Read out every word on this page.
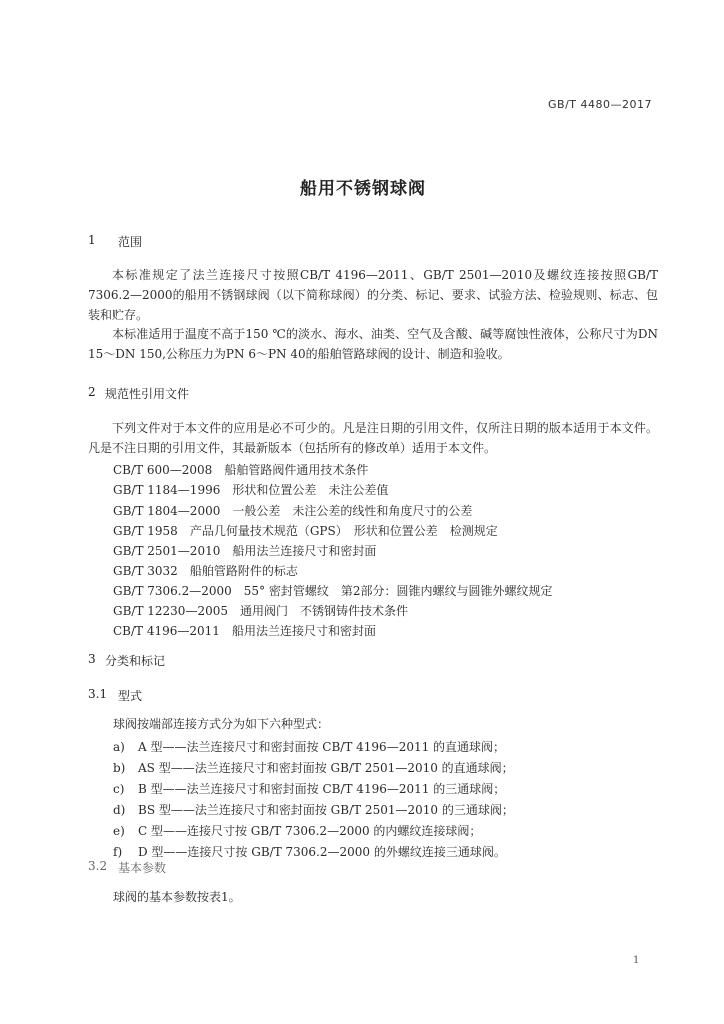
GB/T 4480—2017
船用不锈钢球阀
1 范围
本标准规定了法兰连接尺寸按照CB/T 4196—2011、GB/T 2501—2010及螺纹连接按照GB/T 7306.2—2000的船用不锈钢球阀（以下简称球阀）的分类、标记、要求、试验方法、检验规则、标志、包装和贮存。
本标准适用于温度不高于150 ℃的淡水、海水、油类、空气及含酸、碱等腐蚀性液体，公称尺寸为DN 15～DN 150,公称压力为PN 6～PN 40的船舶管路球阀的设计、制造和验收。
2 规范性引用文件
下列文件对于本文件的应用是必不可少的。凡是注日期的引用文件，仅所注日期的版本适用于本文件。凡是不注日期的引用文件，其最新版本（包括所有的修改单）适用于本文件。
CB/T 600—2008 船舶管路阀件通用技术条件
GB/T 1184—1996 形状和位置公差　未注公差值
GB/T 1804—2000 一般公差　未注公差的线性和角度尺寸的公差
GB/T 1958 产品几何量技术规范（GPS）　形状和位置公差　检测规定
GB/T 2501—2010 船用法兰连接尺寸和密封面
GB/T 3032 船舶管路附件的标志
GB/T 7306.2—2000 55° 密封管螺纹　第2部分：圆锥内螺纹与圆锥外螺纹规定
GB/T 12230—2005 通用阀门　不锈钢铸件技术条件
CB/T 4196—2011 船用法兰连接尺寸和密封面
3 分类和标记
3.1 型式
球阀按端部连接方式分为如下六种型式：
a) A 型——法兰连接尺寸和密封面按 CB/T 4196—2011 的直通球阀；
b) AS 型——法兰连接尺寸和密封面按 GB/T 2501—2010 的直通球阀；
c) B 型——法兰连接尺寸和密封面按 CB/T 4196—2011 的三通球阀；
d) BS 型——法兰连接尺寸和密封面按 GB/T 2501—2010 的三通球阀；
e) C 型——连接尺寸按 GB/T 7306.2—2000 的内螺纹连接球阀；
f) D 型——连接尺寸按 GB/T 7306.2—2000 的外螺纹连接三通球阀。
3.2 基本参数
球阀的基本参数按表1。
1
